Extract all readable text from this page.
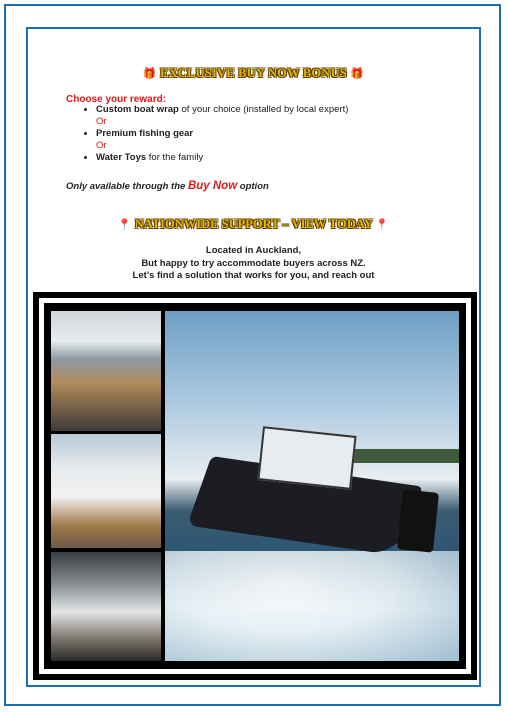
🎁 EXCLUSIVE BUY NOW BONUS 🎁
Choose your reward:
• Custom boat wrap of your choice (installed by local expert)
Or
• Premium fishing gear
Or
• Water Toys for the family
Only available through the Buy Now option
📍 NATIONWIDE SUPPORT – VIEW TODAY 📍
Located in Auckland,
But happy to try accommodate buyers across NZ.
Let’s find a solution that works for you, and reach out
